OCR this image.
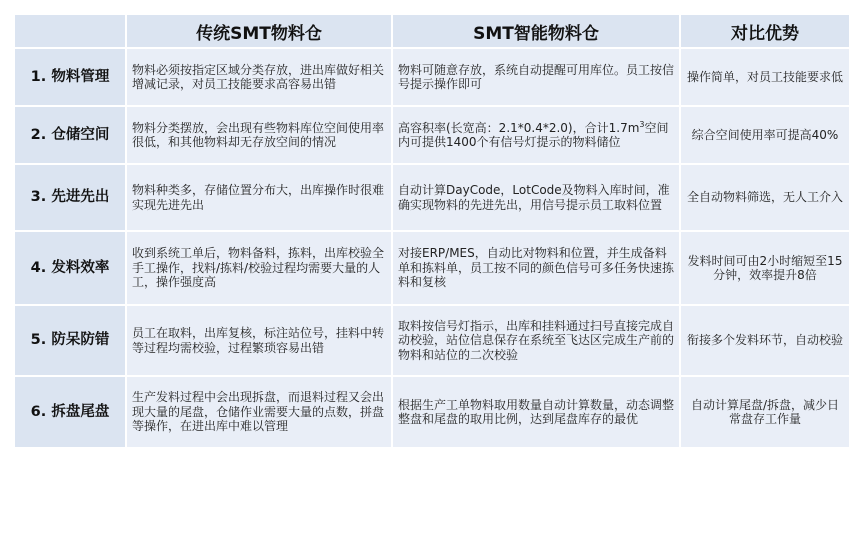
	传统SMT物料仓	SMT智能物料仓	对比优势
1. 物料管理	物料必须按指定区域分类存放，进出库做好相关增减记录，对员工技能要求高容易出错	物料可随意存放，系统自动提醒可用库位。员工按信号提示操作即可	操作简单，对员工技能要求低
2. 仓储空间	物料分类摆放，会出现有些物料库位空间使用率很低，和其他物料却无存放空间的情况	高容积率(长宽高：2.1*0.4*2.0)，合计$1.7m^3$空间内可提供1400个有信号灯提示的物料储位	综合空间使用率可提高40%
3. 先进先出	物料种类多，存储位置分布大，出库操作时很难实现先进先出	自动计算DayCode，LotCode及物料入库时间，准确实现物料的先进先出，用信号提示员工取料位置	全自动物料筛选，无人工介入
4. 发料效率	收到系统工单后，物料备料，拣料，出库校验全手工操作，找料/拣料/校验过程均需要大量的人工，操作强度高	对接ERP/MES，自动比对物料和位置，并生成备料单和拣料单，员工按不同的颜色信号可多任务快速拣料和复核	发料时间可由2小时缩短至15分钟，效率提升8倍
5. 防呆防错	员工在取料，出库复核，标注站位号，挂料中转等过程均需校验，过程繁琐容易出错	取料按信号灯指示，出库和挂料通过扫号直接完成自动校验，站位信息保存在系统至飞达区完成生产前的物料和站位的二次校验	衔接多个发料环节，自动校验
6. 拆盘尾盘	生产发料过程中会出现拆盘，而退料过程又会出现大量的尾盘，仓储作业需要大量的点数，拼盘等操作，在进出库中难以管理	根据生产工单物料取用数量自动计算数量，动态调整整盘和尾盘的取用比例，达到尾盘库存的最优	自动计算尾盘/拆盘，减少日常盘存工作量
